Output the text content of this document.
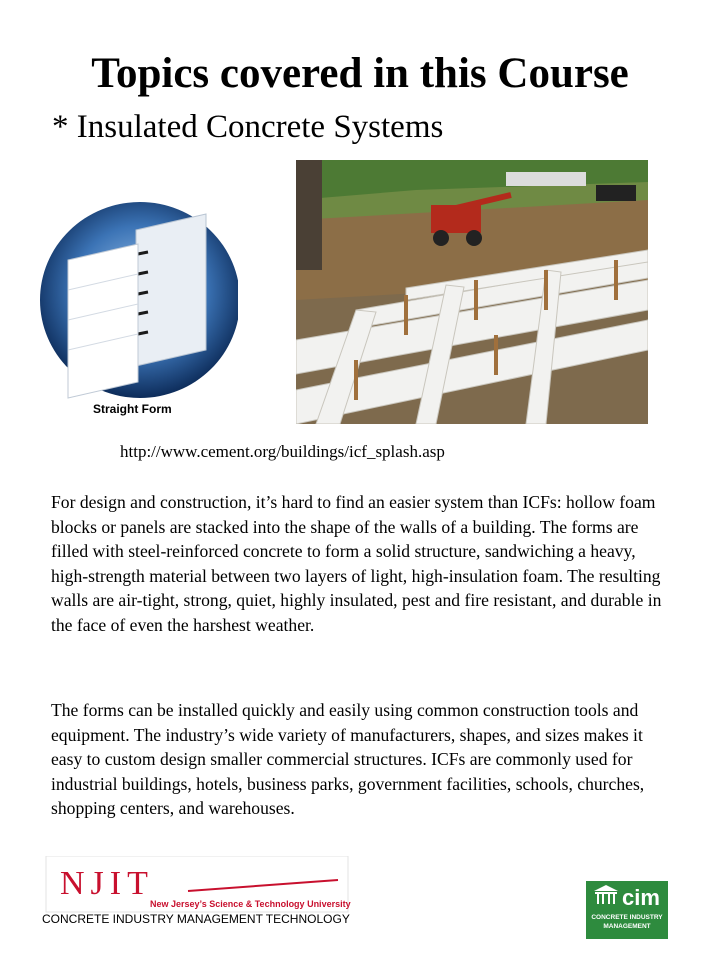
Topics covered in this Course
* Insulated Concrete Systems
Straight Form
http://www.cement.org/buildings/icf_splash.asp

For design and construction, it’s hard to find an easier system than ICFs: hollow foam blocks or panels are stacked into the shape of the walls of a building. The forms are filled with steel-reinforced concrete to form a solid structure, sandwiching a heavy, high-strength material between two layers of light, high-insulation foam. The resulting walls are air-tight, strong, quiet, highly insulated, pest and fire resistant, and durable in the face of even the harshest weather.

The forms can be installed quickly and easily using common construction tools and equipment. The industry’s wide variety of manufacturers, shapes, and sizes makes it easy to custom design smaller commercial structures. ICFs are commonly used for industrial buildings, hotels, business parks, government facilities, schools, churches, shopping centers, and warehouses.

NJIT
New Jersey’s Science & Technology University
CONCRETE INDUSTRY MANAGEMENT TECHNOLOGY
cim
CONCRETE INDUSTRY
MANAGEMENT
